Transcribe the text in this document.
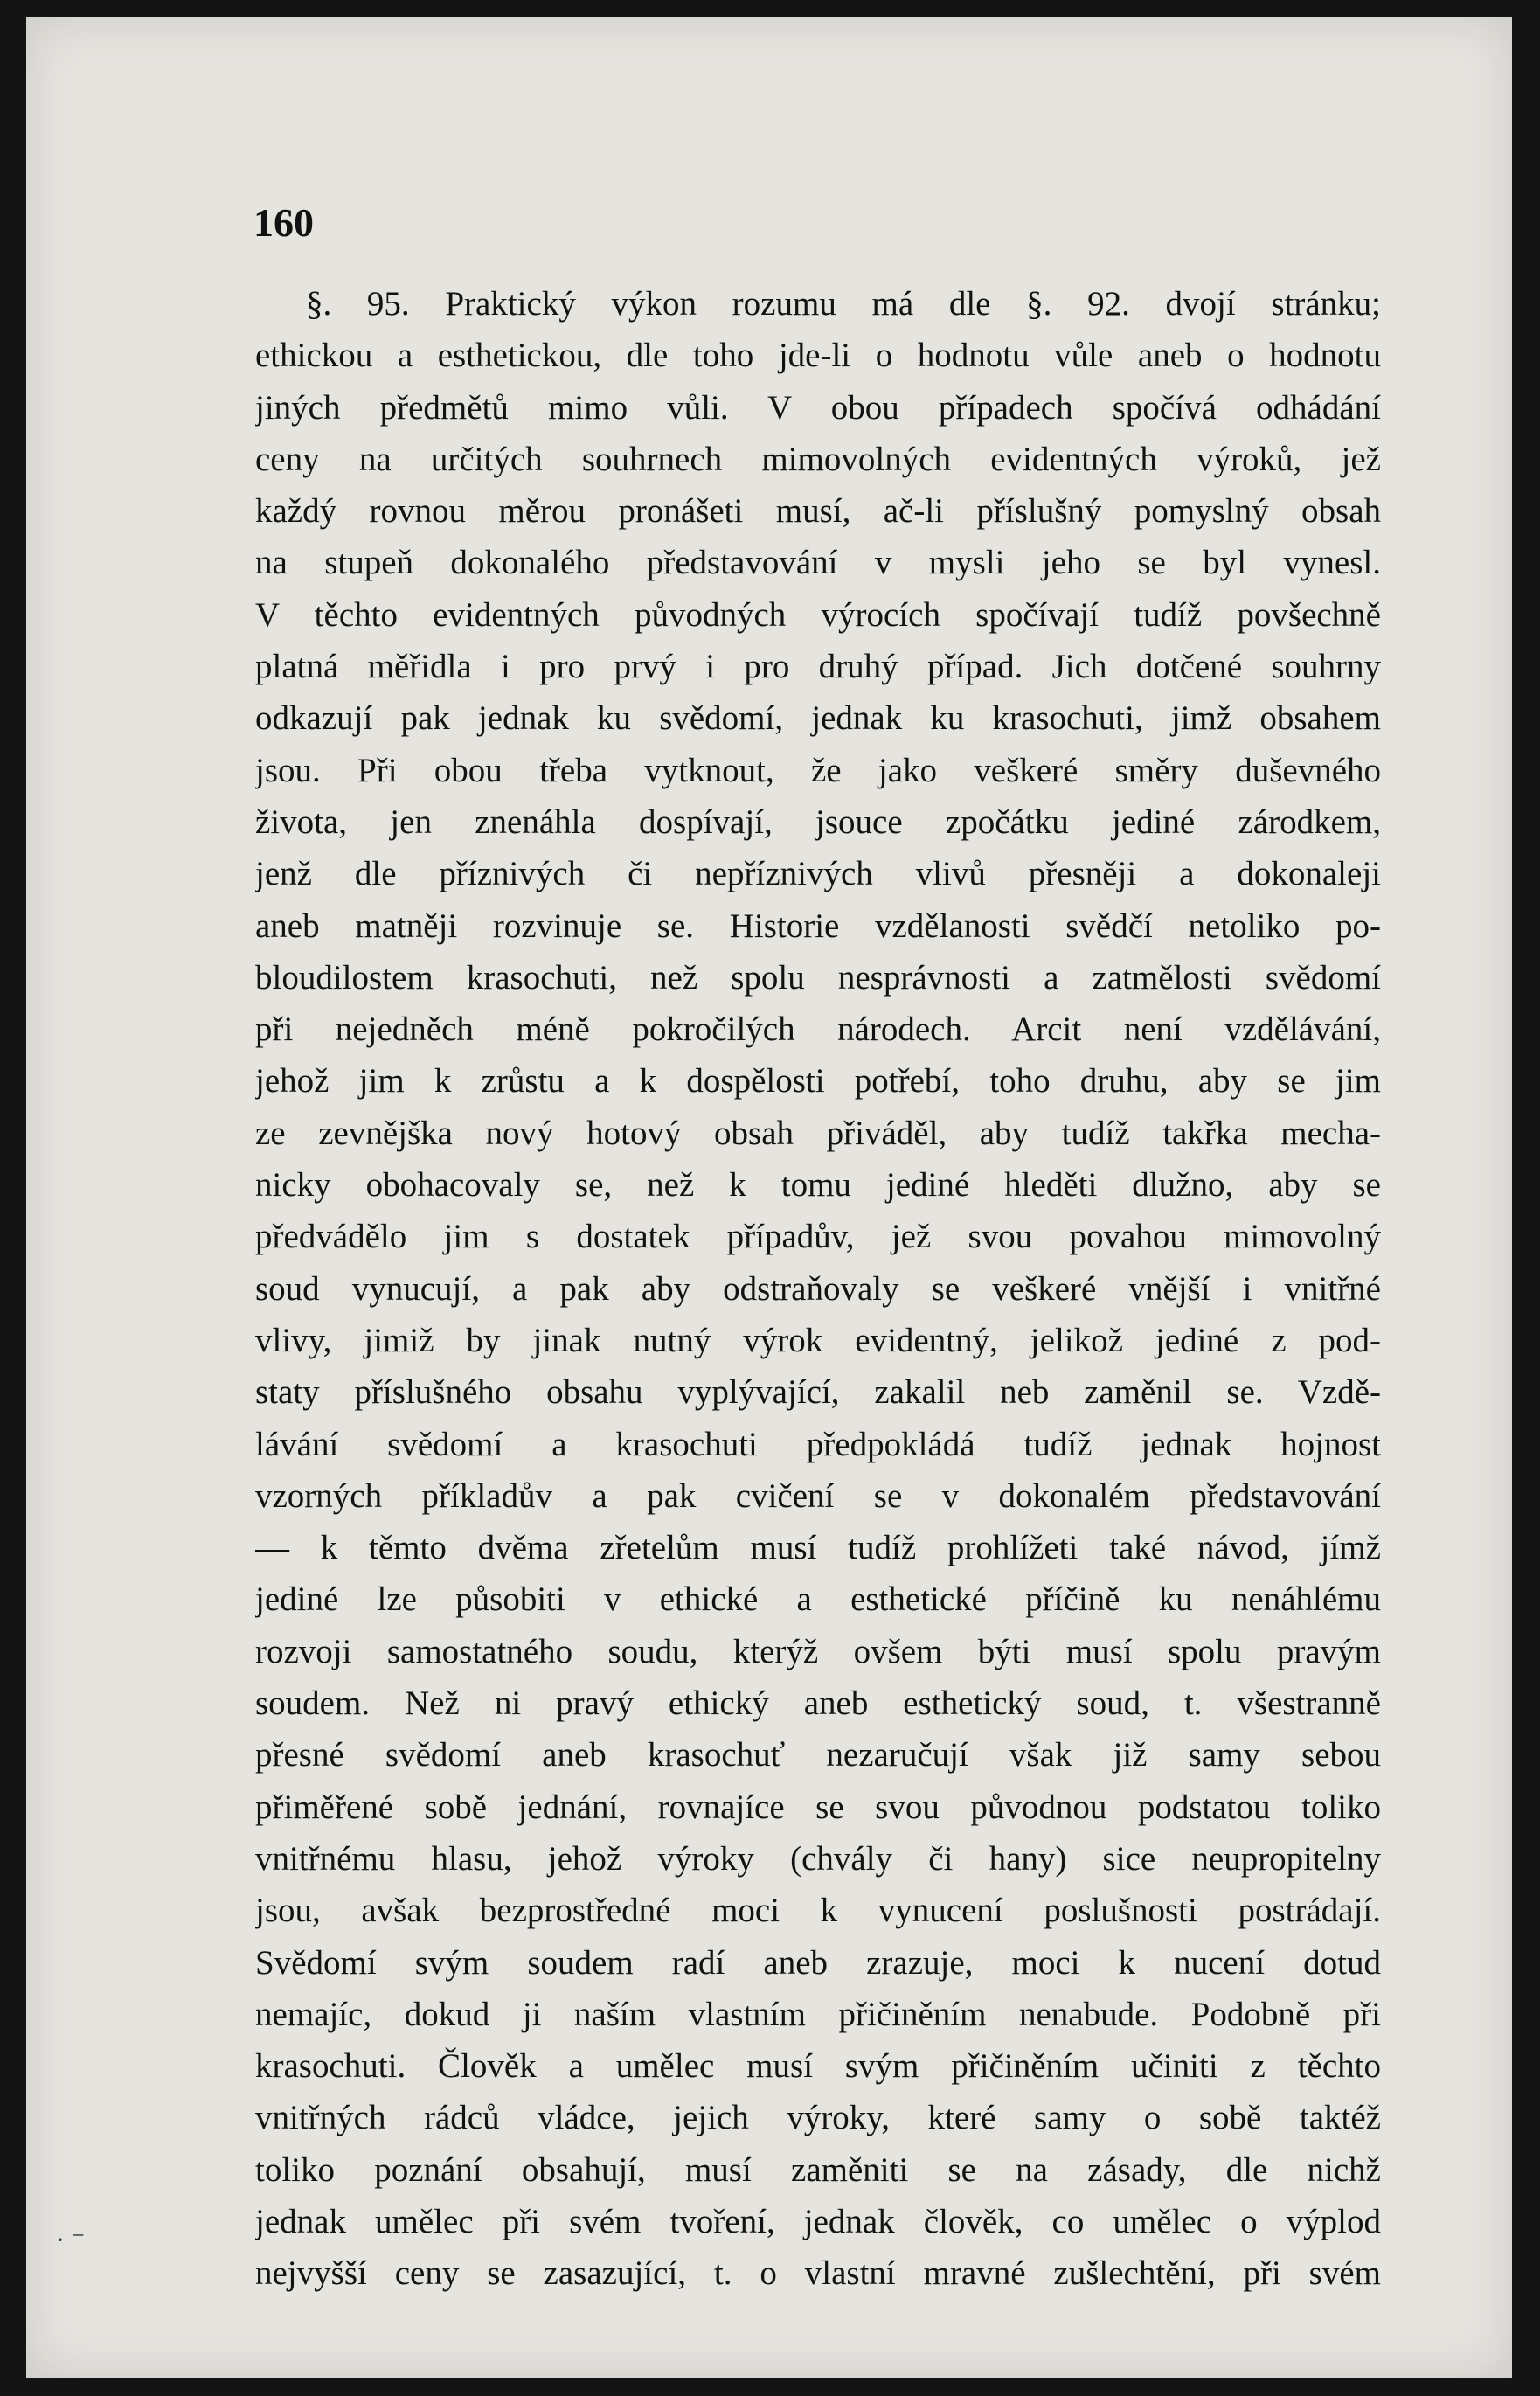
160
§. 95. Praktický výkon rozumu má dle §. 92. dvojí stránku;
ethickou a esthetickou, dle toho jde-li o hodnotu vůle aneb o hodnotu
jiných předmětů mimo vůli. V obou případech spočívá odhádání
ceny na určitých souhrnech mimovolných evidentných výroků, jež
každý rovnou měrou pronášeti musí, ač-li příslušný pomyslný obsah
na stupeň dokonalého představování v mysli jeho se byl vynesl.
V těchto evidentných původných výrocích spočívají tudíž povšechně
platná měřidla i pro prvý i pro druhý případ. Jich dotčené souhrny
odkazují pak jednak ku svědomí, jednak ku krasochuti, jimž obsahem
jsou. Při obou třeba vytknout, že jako veškeré směry duševného
života, jen znenáhla dospívají, jsouce zpočátku jediné zárodkem,
jenž dle příznivých či nepříznivých vlivů přesněji a dokonaleji
aneb matněji rozvinuje se. Historie vzdělanosti svědčí netoliko po-
bloudilostem krasochuti, než spolu nesprávnosti a zatmělosti svědomí
při nejedněch méně pokročilých národech. Arcit není vzdělávání,
jehož jim k zrůstu a k dospělosti potřebí, toho druhu, aby se jim
ze zevnějška nový hotový obsah přiváděl, aby tudíž takřka mecha-
nicky obohacovaly se, než k tomu jediné hleděti dlužno, aby se
předvádělo jim s dostatek případův, jež svou povahou mimovolný
soud vynucují, a pak aby odstraňovaly se veškeré vnější i vnitřné
vlivy, jimiž by jinak nutný výrok evidentný, jelikož jediné z pod-
staty příslušného obsahu vyplývající, zakalil neb zaměnil se. Vzdě-
lávání svědomí a krasochuti předpokládá tudíž jednak hojnost
vzorných příkladův a pak cvičení se v dokonalém představování
— k těmto dvěma zřetelům musí tudíž prohlížeti také návod, jímž
jediné lze působiti v ethické a esthetické příčině ku nenáhlému
rozvoji samostatného soudu, kterýž ovšem býti musí spolu pravým
soudem. Než ni pravý ethický aneb esthetický soud, t. všestranně
přesné svědomí aneb krasochuť nezaručují však již samy sebou
přiměřené sobě jednání, rovnajíce se svou původnou podstatou toliko
vnitřnému hlasu, jehož výroky (chvály či hany) sice neupropitelny
jsou, avšak bezprostředné moci k vynucení poslušnosti postrádají.
Svědomí svým soudem radí aneb zrazuje, moci k nucení dotud
nemajíc, dokud ji naším vlastním přičiněním nenabude. Podobně při
krasochuti. Člověk a umělec musí svým přičiněním učiniti z těchto
vnitřných rádců vládce, jejich výroky, které samy o sobě taktéž
toliko poznání obsahují, musí zaměniti se na zásady, dle nichž
jednak umělec při svém tvoření, jednak člověk, co umělec o výplod
nejvyšší ceny se zasazující, t. o vlastní mravné zušlechtění, při svém
· ⁻
